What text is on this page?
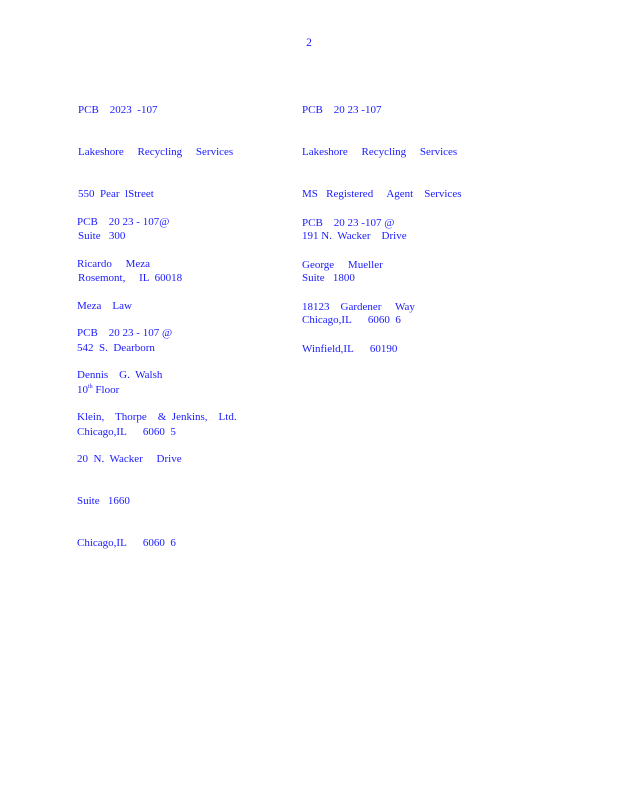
2

PCB    2023  -107

Lakeshore     Recycling     Services

550  Pear  lStreet

Suite   300

Rosemont,     IL  60018

PCB    20 23 -107

Lakeshore     Recycling     Services

MS   Registered     Agent    Services

191 N.  Wacker    Drive

Suite   1800

Chicago,IL      6060  6

PCB    20 23 - 107@

Ricardo     Meza

Meza    Law

542  S.  Dearborn

10th Floor

Chicago,IL      6060  5

PCB    20 23 -107 @

George     Mueller

18123    Gardener     Way

Winfield,IL      60190

PCB    20 23 - 107 @

Dennis    G.  Walsh

Klein,    Thorpe    &  Jenkins,    Ltd.

20  N.  Wacker     Drive

Suite   1660

Chicago,IL      6060  6
